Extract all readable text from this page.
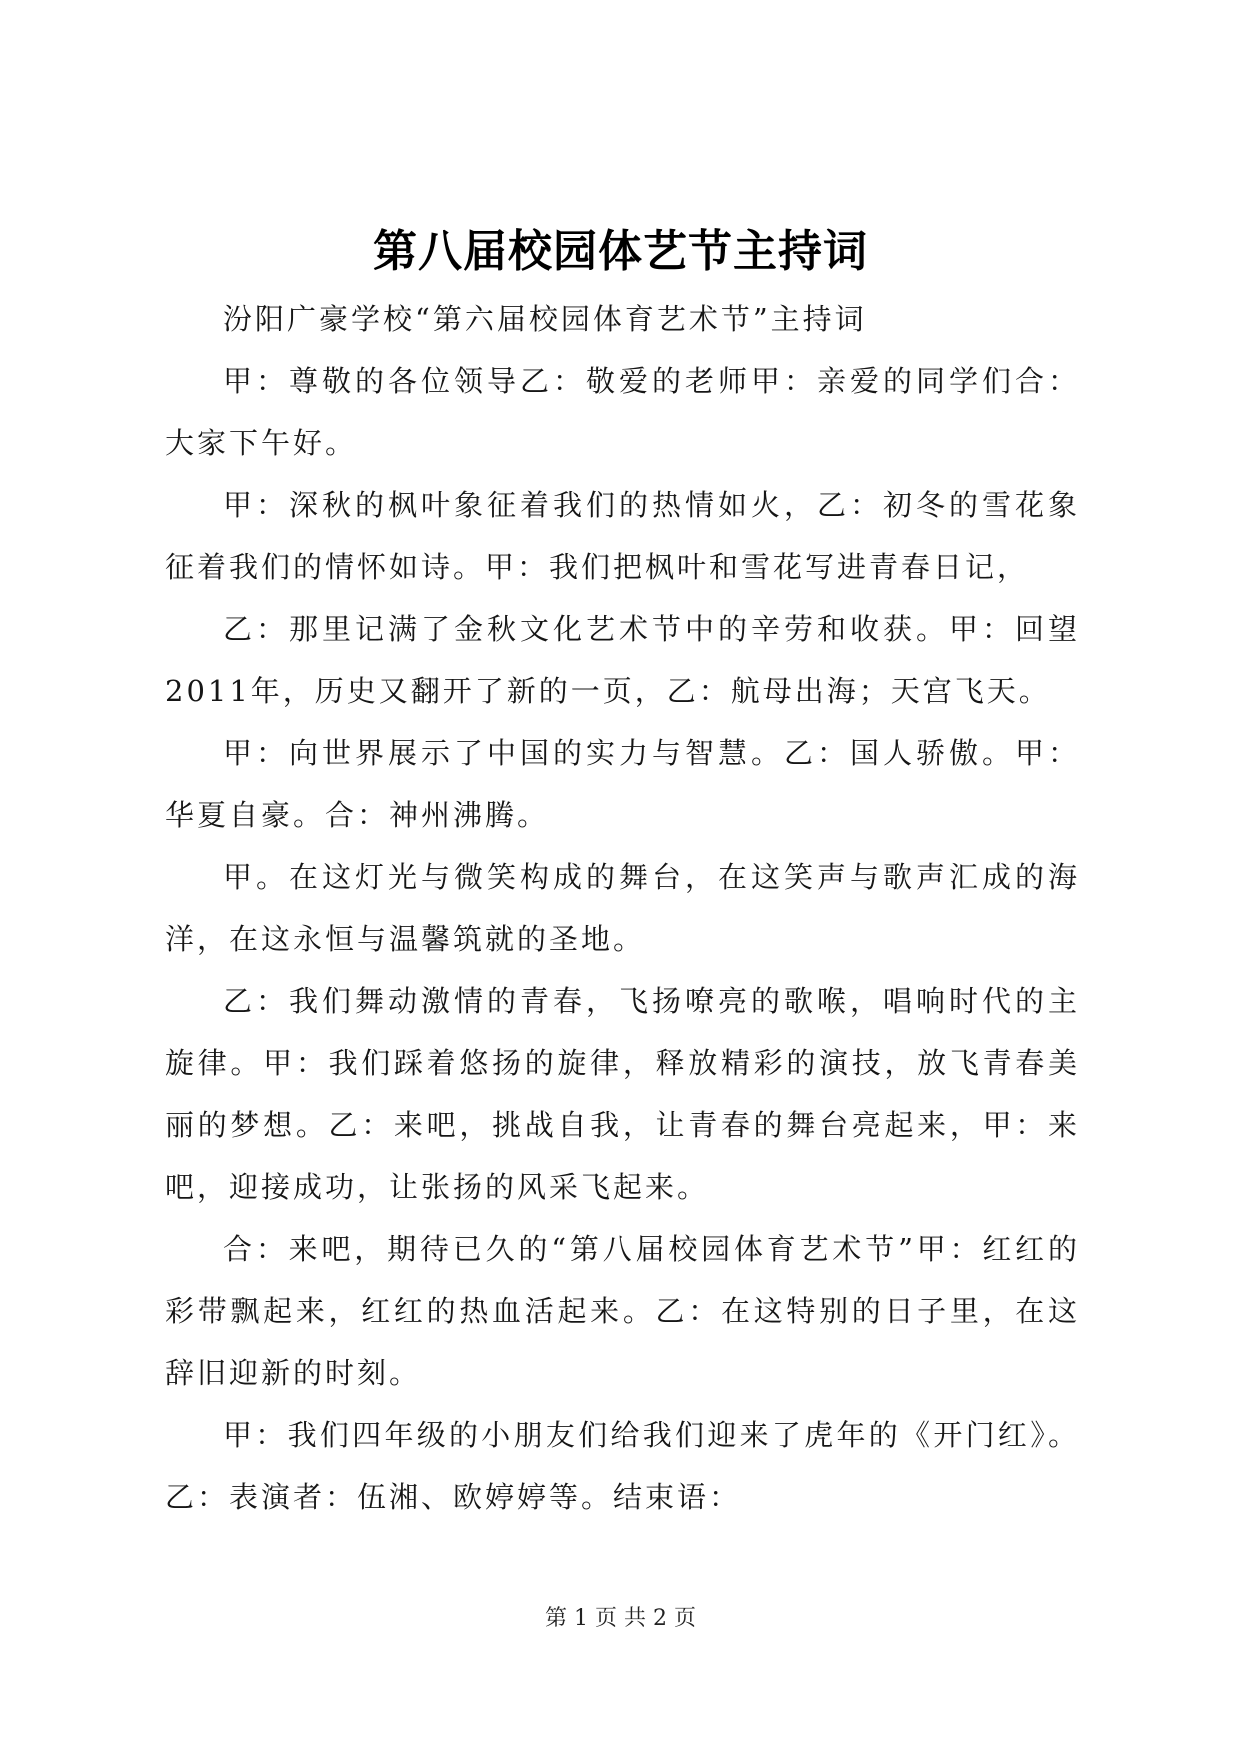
第八届校园体艺节主持词

汾阳广豪学校“第六届校园体育艺术节”主持词

甲：尊敬的各位领导乙：敬爱的老师甲：亲爱的同学们合：大家下午好。

甲：深秋的枫叶象征着我们的热情如火，乙：初冬的雪花象征着我们的情怀如诗。甲：我们把枫叶和雪花写进青春日记，

乙：那里记满了金秋文化艺术节中的辛劳和收获。甲：回望2011年，历史又翻开了新的一页，乙：航母出海；天宫飞天。

甲：向世界展示了中国的实力与智慧。乙：国人骄傲。甲：华夏自豪。合：神州沸腾。

甲。在这灯光与微笑构成的舞台，在这笑声与歌声汇成的海洋，在这永恒与温馨筑就的圣地。

乙：我们舞动激情的青春，飞扬嘹亮的歌喉，唱响时代的主旋律。甲：我们踩着悠扬的旋律，释放精彩的演技，放飞青春美丽的梦想。乙：来吧，挑战自我，让青春的舞台亮起来，甲：来吧，迎接成功，让张扬的风采飞起来。

合：来吧，期待已久的“第八届校园体育艺术节”甲：红红的彩带飘起来，红红的热血活起来。乙：在这特别的日子里，在这辞旧迎新的时刻。

甲：我们四年级的小朋友们给我们迎来了虎年的《开门红》。乙：表演者：伍湘、欧婷婷等。结束语：

第 1 页 共 2 页
